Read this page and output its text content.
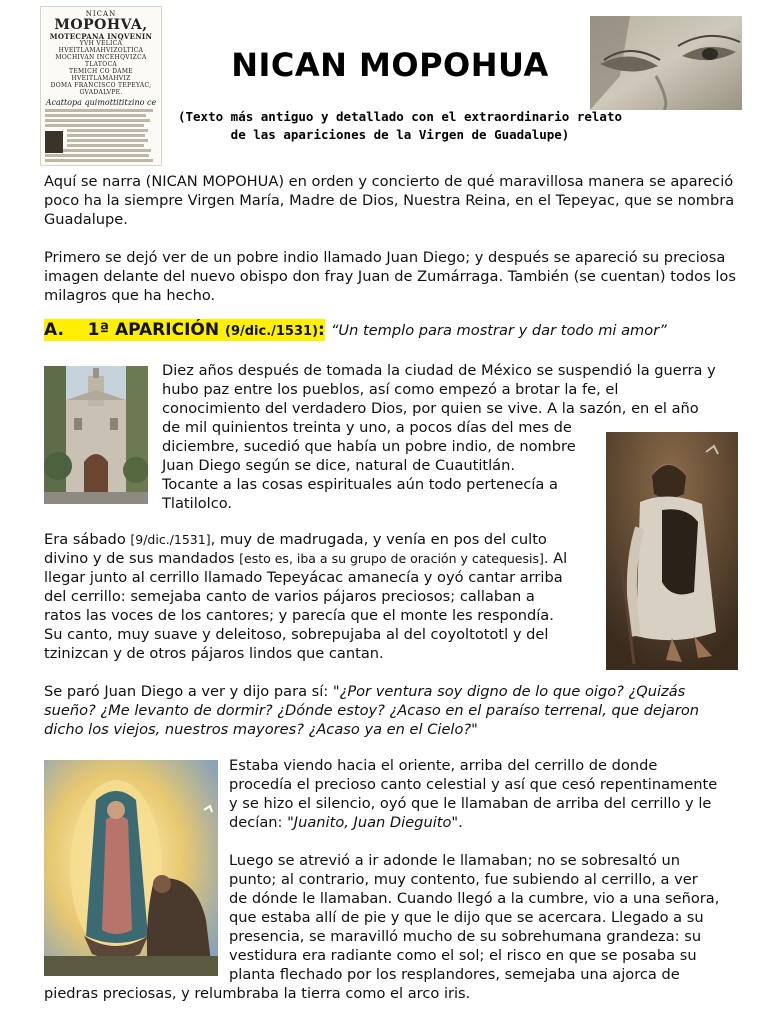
NICAN
MOPOHVA,
MOTECPANA INQVENIN
YVH VELICA HVEITLAMAHVIZOLTICA
MOCHIVAN INCEHQVIZCA TLATOCA
TEMICH CO DAME HVEITLAMAHVIZ
DOMA FRANCISCO TEPEYAC,
GVADALVPE.
Acattopa quimottititzino ce
NICAN MOPOHUA
(Texto más antiguo y detallado con el extraordinario relato
de las apariciones de la Virgen de Guadalupe)
Aquí se narra (NICAN MOPOHUA) en orden y concierto de qué maravillosa manera se apareció poco ha la siempre Virgen María, Madre de Dios, Nuestra Reina, en el Tepeyac, que se nombra Guadalupe.
Primero se dejó ver de un pobre indio llamado Juan Diego; y después se apareció su preciosa imagen delante del nuevo obispo don fray Juan de Zumárraga. También (se cuentan) todos los milagros que ha hecho.
A. 1ª APARICIÓN (9/dic./1531): “Un templo para mostrar y dar todo mi amor”
Diez años después de tomada la ciudad de México se suspendió la guerra y
hubo paz entre los pueblos, así como empezó a brotar la fe, el
conocimiento del verdadero Dios, por quien se vive. A la sazón, en el año
de mil quinientos treinta y uno, a pocos días del mes de
diciembre, sucedió que había un pobre indio, de nombre
Juan Diego según se dice, natural de Cuautitlán.
Tocante a las cosas espirituales aún todo pertenecía a
Tlatilolco.
Era sábado [9/dic./1531], muy de madrugada, y venía en pos del culto
divino y de sus mandados [esto es, iba a su grupo de oración y catequesis]. Al
llegar junto al cerrillo llamado Tepeyácac amanecía y oyó cantar arriba
del cerrillo: semejaba canto de varios pájaros preciosos; callaban a
ratos las voces de los cantores; y parecía que el monte les respondía.
Su canto, muy suave y deleitoso, sobrepujaba al del coyoltototl y del
tzinizcan y de otros pájaros lindos que cantan.
Se paró Juan Diego a ver y dijo para sí: "¿Por ventura soy digno de lo que oigo? ¿Quizás sueño? ¿Me levanto de dormir? ¿Dónde estoy? ¿Acaso en el paraíso terrenal, que dejaron dicho los viejos, nuestros mayores? ¿Acaso ya en el Cielo?"
Estaba viendo hacia el oriente, arriba del cerrillo de donde
procedía el precioso canto celestial y así que cesó repentinamente
y se hizo el silencio, oyó que le llamaban de arriba del cerrillo y le
decían: "Juanito, Juan Dieguito".
Luego se atrevió a ir adonde le llamaban; no se sobresaltó un
punto; al contrario, muy contento, fue subiendo al cerrillo, a ver
de dónde le llamaban. Cuando llegó a la cumbre, vio a una señora,
que estaba allí de pie y que le dijo que se acercara. Llegado a su
presencia, se maravilló mucho de su sobrehumana grandeza: su
vestidura era radiante como el sol; el risco en que se posaba su
planta flechado por los resplandores, semejaba una ajorca de
piedras preciosas, y relumbraba la tierra como el arco iris.
